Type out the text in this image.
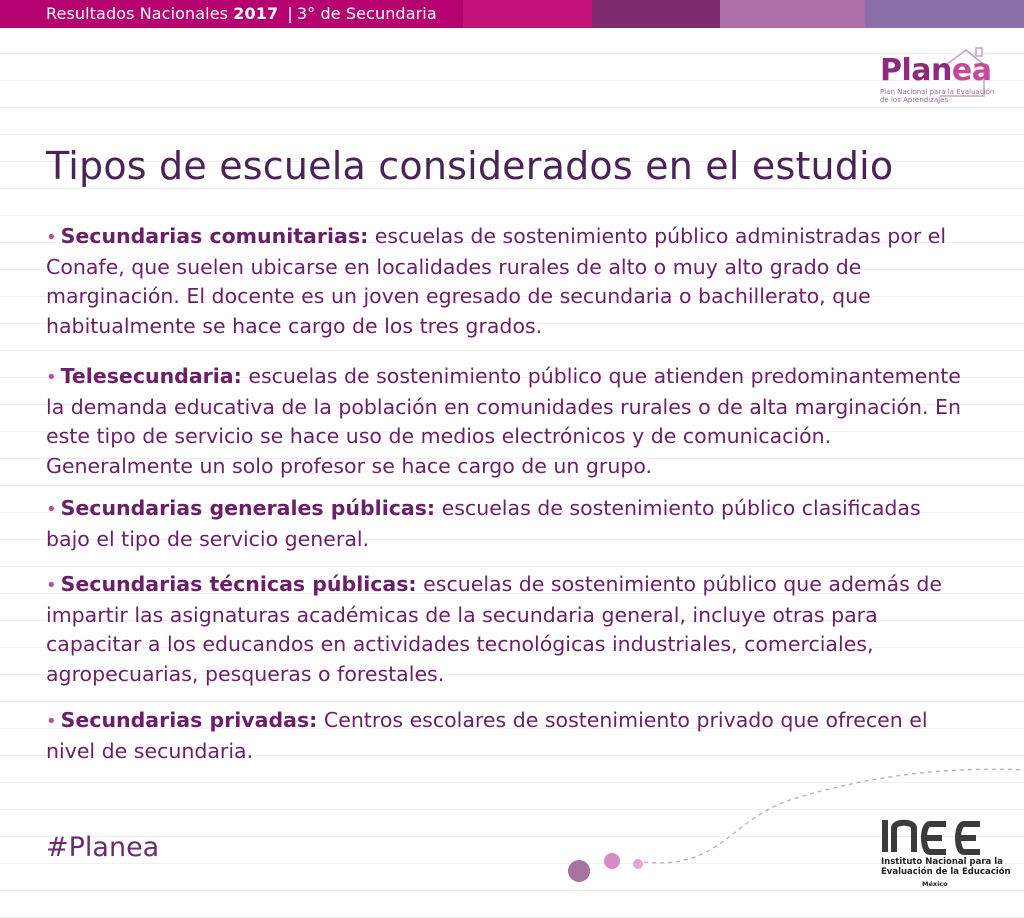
Resultados Nacionales 2017 | 3° de Secundaria
Planea
Plan Nacional para la Evaluación
de los Aprendizajes
Tipos de escuela considerados en el estudio
• Secundarias comunitarias: escuelas de sostenimiento público administradas por el Conafe, que suelen ubicarse en localidades rurales de alto o muy alto grado de marginación. El docente es un joven egresado de secundaria o bachillerato, que habitualmente se hace cargo de los tres grados.
• Telesecundaria: escuelas de sostenimiento público que atienden predominantemente la demanda educativa de la población en comunidades rurales o de alta marginación. En este tipo de servicio se hace uso de medios electrónicos y de comunicación. Generalmente un solo profesor se hace cargo de un grupo.
• Secundarias generales públicas: escuelas de sostenimiento público clasificadas bajo el tipo de servicio general.
• Secundarias técnicas públicas: escuelas de sostenimiento público que además de impartir las asignaturas académicas de la secundaria general, incluye otras para capacitar a los educandos en actividades tecnológicas industriales, comerciales, agropecuarias, pesqueras o forestales.
• Secundarias privadas: Centros escolares de sostenimiento privado que ofrecen el nivel de secundaria.
#Planea	Instituto Nacional para la
Evaluación de la Educación
México
